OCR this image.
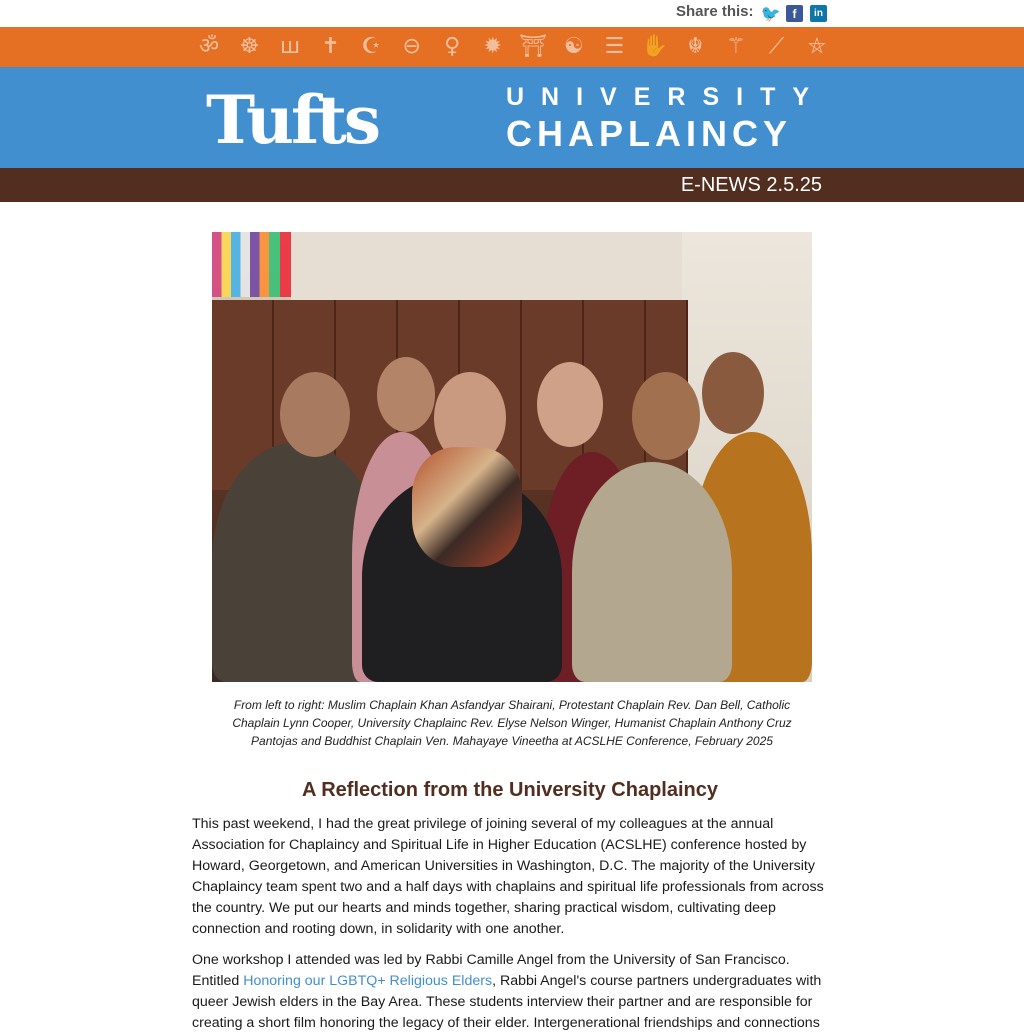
Share this: 🐦	f	in
ॐ ☸ ш ✝ ☪ ⊖ ♀ ✹ ⛩ ☯ ☰ ✋ ☬ ⚚ ⟋ ⛤
Tufts	UNIVERSITY
CHAPLAINCY
E-NEWS 2.5.25
From left to right: Muslim Chaplain Khan Asfandyar Shairani, Protestant Chaplain Rev. Dan Bell, Catholic Chaplain Lynn Cooper, University Chaplainc Rev. Elyse Nelson Winger, Humanist Chaplain Anthony Cruz Pantojas and Buddhist Chaplain Ven. Mahayaye Vineetha at ACSLHE Conference, February 2025
A Reflection from the University Chaplaincy

This past weekend, I had the great privilege of joining several of my colleagues at the annual Association for Chaplaincy and Spiritual Life in Higher Education (ACSLHE) conference hosted by Howard, Georgetown, and American Universities in Washington, D.C. The majority of the University Chaplaincy team spent two and a half days with chaplains and spiritual life professionals from across the country. We put our hearts and minds together, sharing practical wisdom, cultivating deep connection and rooting down, in solidarity with one another.

One workshop I attended was led by Rabbi Camille Angel from the University of San Francisco. Entitled Honoring our LGBTQ+ Religious Elders, Rabbi Angel's course partners undergraduates with queer Jewish elders in the Bay Area. These students interview their partner and are responsible for creating a short film honoring the legacy of their elder. Intergenerational friendships and connections
